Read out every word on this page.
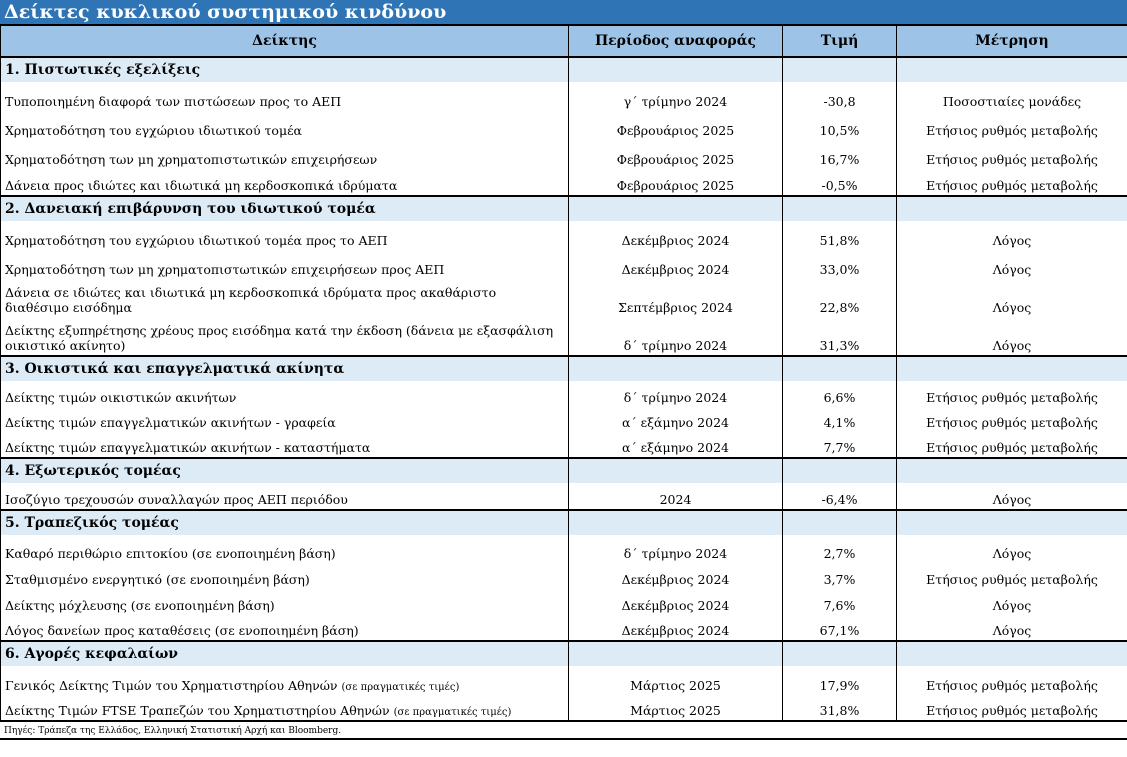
Δείκτες κυκλικού συστημικού κινδύνου
Δείκτης	Περίοδος αναφοράς	Τιμή	Μέτρηση
1. Πιστωτικές εξελίξεις			
Τυποποιημένη διαφορά των πιστώσεων προς το ΑΕΠ	γ΄ τρίμηνο 2024	-30,8	Ποσοστιαίες μονάδες
Χρηματοδότηση του εγχώριου ιδιωτικού τομέα	Φεβρουάριος 2025	10,5%	Ετήσιος ρυθμός μεταβολής
Χρηματοδότηση των μη χρηματοπιστωτικών επιχειρήσεων	Φεβρουάριος 2025	16,7%	Ετήσιος ρυθμός μεταβολής
Δάνεια προς ιδιώτες και ιδιωτικά μη κερδοσκοπικά ιδρύματα	Φεβρουάριος 2025	-0,5%	Ετήσιος ρυθμός μεταβολής
2. Δανειακή επιβάρυνση του ιδιωτικού τομέα			
Χρηματοδότηση του εγχώριου ιδιωτικού τομέα προς το ΑΕΠ	Δεκέμβριος 2024	51,8%	Λόγος
Χρηματοδότηση των μη χρηματοπιστωτικών επιχειρήσεων προς ΑΕΠ	Δεκέμβριος 2024	33,0%	Λόγος
Δάνεια σε ιδιώτες και ιδιωτικά μη κερδοσκοπικά ιδρύματα προς ακαθάριστο διαθέσιμο εισόδημα	Σεπτέμβριος 2024	22,8%	Λόγος
Δείκτης εξυπηρέτησης χρέους προς εισόδημα κατά την έκδοση (δάνεια με εξασφάλιση οικιστικό ακίνητο)	δ΄ τρίμηνο 2024	31,3%	Λόγος
3. Οικιστικά και επαγγελματικά ακίνητα			
Δείκτης τιμών οικιστικών ακινήτων	δ΄ τρίμηνο 2024	6,6%	Ετήσιος ρυθμός μεταβολής
Δείκτης τιμών επαγγελματικών ακινήτων - γραφεία	α΄ εξάμηνο 2024	4,1%	Ετήσιος ρυθμός μεταβολής
Δείκτης τιμών επαγγελματικών ακινήτων - καταστήματα	α΄ εξάμηνο 2024	7,7%	Ετήσιος ρυθμός μεταβολής
4. Εξωτερικός τομέας			
Ισοζύγιο τρεχουσών συναλλαγών προς ΑΕΠ περιόδου	2024	-6,4%	Λόγος
5. Τραπεζικός τομέας			
Καθαρό περιθώριο επιτοκίου (σε ενοποιημένη βάση)	δ΄ τρίμηνο 2024	2,7%	Λόγος
Σταθμισμένο ενεργητικό (σε ενοποιημένη βάση)	Δεκέμβριος 2024	3,7%	Ετήσιος ρυθμός μεταβολής
Δείκτης μόχλευσης (σε ενοποιημένη βάση)	Δεκέμβριος 2024	7,6%	Λόγος
Λόγος δανείων προς καταθέσεις (σε ενοποιημένη βάση)	Δεκέμβριος 2024	67,1%	Λόγος
6. Αγορές κεφαλαίων			
Γενικός Δείκτης Τιμών του Χρηματιστηρίου Αθηνών (σε πραγματικές τιμές)	Μάρτιος 2025	17,9%	Ετήσιος ρυθμός μεταβολής
Δείκτης Τιμών FTSE Τραπεζών του Χρηματιστηρίου Αθηνών (σε πραγματικές τιμές)	Μάρτιος 2025	31,8%	Ετήσιος ρυθμός μεταβολής
Πηγές: Τράπεζα της Ελλάδος, Ελληνική Στατιστική Αρχή και Bloomberg.
